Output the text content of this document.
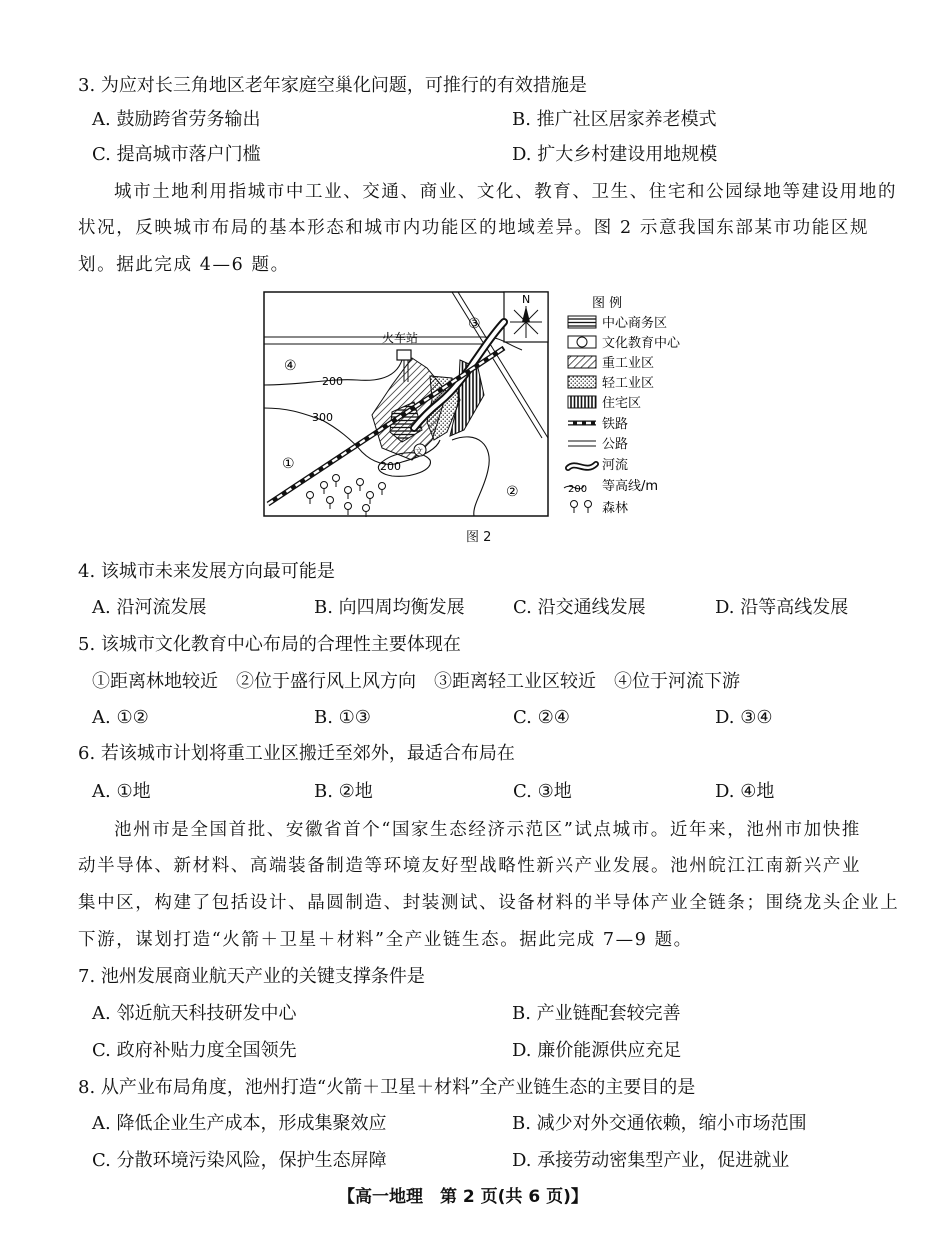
3. 为应对长三角地区老年家庭空巢化问题，可推行的有效措施是
A. 鼓励跨省劳务输出	B. 推广社区居家养老模式
C. 提高城市落户门槛	D. 扩大乡村建设用地规模
城市土地利用指城市中工业、交通、商业、文化、教育、卫生、住宅和公园绿地等建设用地的
状况，反映城市布局的基本形态和城市内功能区的地域差异。图 2 示意我国东部某市功能区规
划。据此完成 4—6 题。
N
200
300
200
火车站
文
①
②
③
④
图 例
中心商务区
文化教育中心
重工业区
轻工业区
住宅区
铁路
公路
河流
200 等高线/m
森林
图 2
4. 该城市未来发展方向最可能是
A. 沿河流发展	B. 向四周均衡发展	C. 沿交通线发展	D. 沿等高线发展
5. 该城市文化教育中心布局的合理性主要体现在
①距离林地较近　②位于盛行风上风方向　③距离轻工业区较近　④位于河流下游
A. ①②	B. ①③	C. ②④	D. ③④
6. 若该城市计划将重工业区搬迁至郊外，最适合布局在
A. ①地	B. ②地	C. ③地	D. ④地
池州市是全国首批、安徽省首个“国家生态经济示范区”试点城市。近年来，池州市加快推
动半导体、新材料、高端装备制造等环境友好型战略性新兴产业发展。池州皖江江南新兴产业
集中区，构建了包括设计、晶圆制造、封装测试、设备材料的半导体产业全链条；围绕龙头企业上
下游，谋划打造“火箭＋卫星＋材料”全产业链生态。据此完成 7—9 题。
7. 池州发展商业航天产业的关键支撑条件是
A. 邻近航天科技研发中心	B. 产业链配套较完善
C. 政府补贴力度全国领先	D. 廉价能源供应充足
8. 从产业布局角度，池州打造“火箭＋卫星＋材料”全产业链生态的主要目的是
A. 降低企业生产成本，形成集聚效应	B. 减少对外交通依赖，缩小市场范围
C. 分散环境污染风险，保护生态屏障	D. 承接劳动密集型产业，促进就业
【高一地理　第 2 页(共 6 页)】
